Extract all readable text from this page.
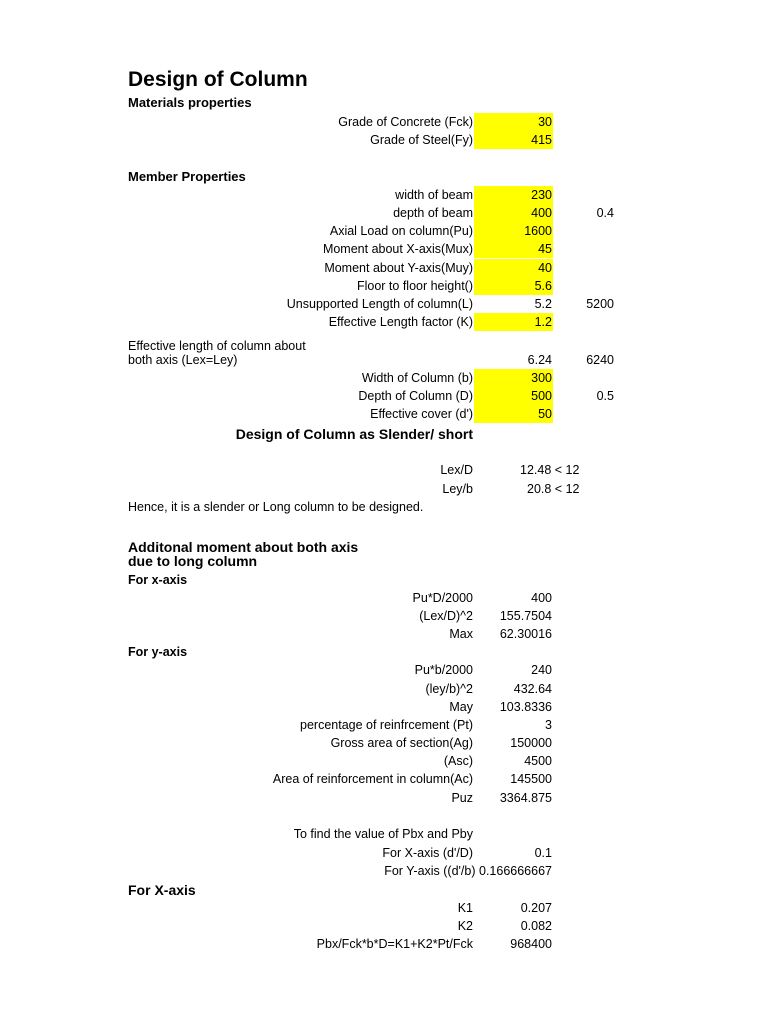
Design of Column
Materials properties
Grade of Concrete (Fck)	30
Grade of Steel(Fy)	415
Member Properties
width of beam	230
depth of beam	400	0.4
Axial Load on column(Pu)	1600
Moment about X-axis(Mux)	45
Moment about Y-axis(Muy)	40
Floor to floor height()	5.6
Unsupported Length of column(L)	5.2	5200
Effective Length factor (K)	1.2
Effective length of column about
both axis (Lex=Ley)	6.24	6240
Width of Column (b)	300
Depth of Column (D)	500	0.5
Effective cover (d')	50
Design of Column as Slender/ short
Lex/D	12.48 < 12
Ley/b	20.8 < 12
Hence, it is a slender or Long column to be designed.
Additonal moment about both axis
due to long column
For x-axis
Pu*D/2000	400
(Lex/D)^2 155.7504
Max 62.30016
For y-axis
Pu*b/2000	240
(ley/b)^2	432.64
May 103.8336
percentage of reinfrcement (Pt)	3
Gross area of section(Ag)	150000
(Asc)	4500
Area of reinforcement in column(Ac)	145500
Puz 3364.875
To find the value of Pbx and Pby
For X-axis (d'/D)	0.1
For Y-axis ((d'/b) 0.166666667
For X-axis
K1	0.207
K2	0.082
Pbx/Fck*b*D=K1+K2*Pt/Fck	968400
